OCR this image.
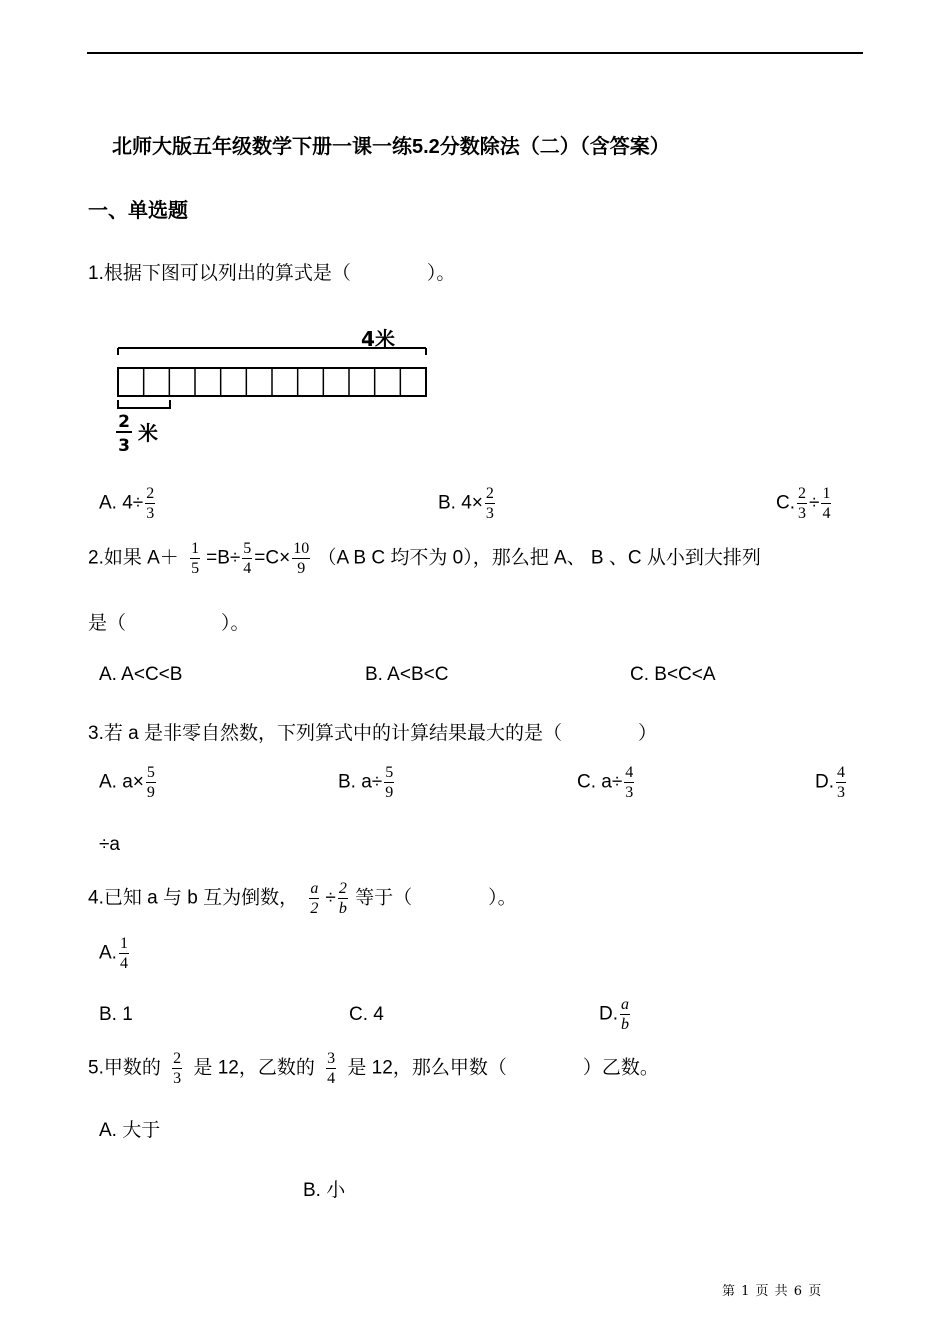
北师大版五年级数学下册一课一练5.2分数除法（二）（含答案）
一、单选题
1.根据下图可以列出的算式是（　　　　）。
4米
2
3
米
A. $4\div \frac{2}{3}$	B. $4\times \frac{2}{3}$	C. $\frac{2}{3} \div \frac{1}{4}$
2.如果 $A+ \frac{1}{5} =B\div \frac{5}{4} =C\times \frac{10}{9} (A$ B C 均不为 0），那么把 A、 B 、C 从小到大排列
是（　　　　　）。
A. A<C<B	B. A<B<C	C. B<C<A
3.若 a 是非零自然数，下列算式中的计算结果最大的是（　　　　）
A. $a\times \frac{5}{9}$	B. $a\div \frac{5}{9}$	C. $a\div \frac{4}{3}$	D. $\frac{4}{3}$
÷a
4.已知 a 与 b 互为倒数， $\frac{a}{2} \div \frac{2}{b}$ 等于（　　　　）。
A. $\frac{1}{4}$
B. 1	C. 4	D. $\frac{a}{b}$
5.甲数的 $\frac{2}{3}$ 是 12，乙数的 $\frac{3}{4}$ 是 12，那么甲数（　　　　）乙数。
A. 大于
B. 小
第 1 页 共 6 页
